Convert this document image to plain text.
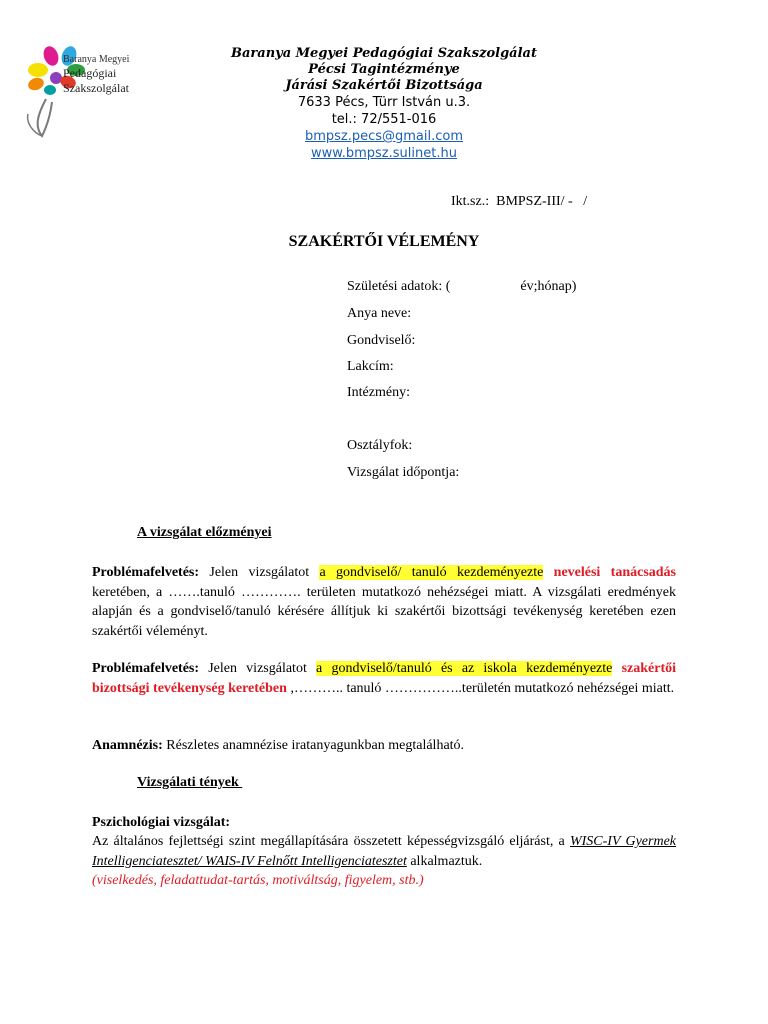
Baranya Megyei
Pedagógiai
Szakszolgálat
Baranya Megyei Pedagógiai Szakszolgálat
Pécsi Tagintézménye
Járási Szakértői Bizottsága
7633 Pécs, Türr István u.3.
tel.: 72/551-016
bmpsz.pecs@gmail.com
www.bmpsz.sulinet.hu
Ikt.sz.:  BMPSZ-III/ -   /
SZAKÉRTŐI VÉLEMÉNY
Születési adatok: (                    év;hónap)
Anya neve:
Gondviselő:
Lakcím:
Intézmény:
Osztályfok:
Vizsgálat időpontja:
A vizsgálat előzményei
Problémafelvetés: Jelen vizsgálatot a gondviselő/ tanuló kezdeményezte nevelési tanácsadás keretében, a …….tanuló …………. területen mutatkozó nehézségei miatt. A vizsgálati eredmények alapján és a gondviselő/tanuló kérésére állítjuk ki szakértői bizottsági tevékenység keretében ezen szakértői véleményt.
Problémafelvetés: Jelen vizsgálatot a gondviselő/tanuló és az iskola kezdeményezte szakértői bizottsági tevékenység keretében ,……….. tanuló ……………..területén mutatkozó nehézségei miatt.
Anamnézis: Részletes anamnézise iratanyagunkban megtalálható.
Vizsgálati tények
Pszichológiai vizsgálat:
Az általános fejlettségi szint megállapítására összetett képességvizsgáló eljárást, a WISC-IV Gyermek Intelligenciatesztet/ WAIS-IV Felnőtt Intelligenciatesztet alkalmaztuk.
(viselkedés, feladattudat-tartás, motiváltság, figyelem, stb.)
